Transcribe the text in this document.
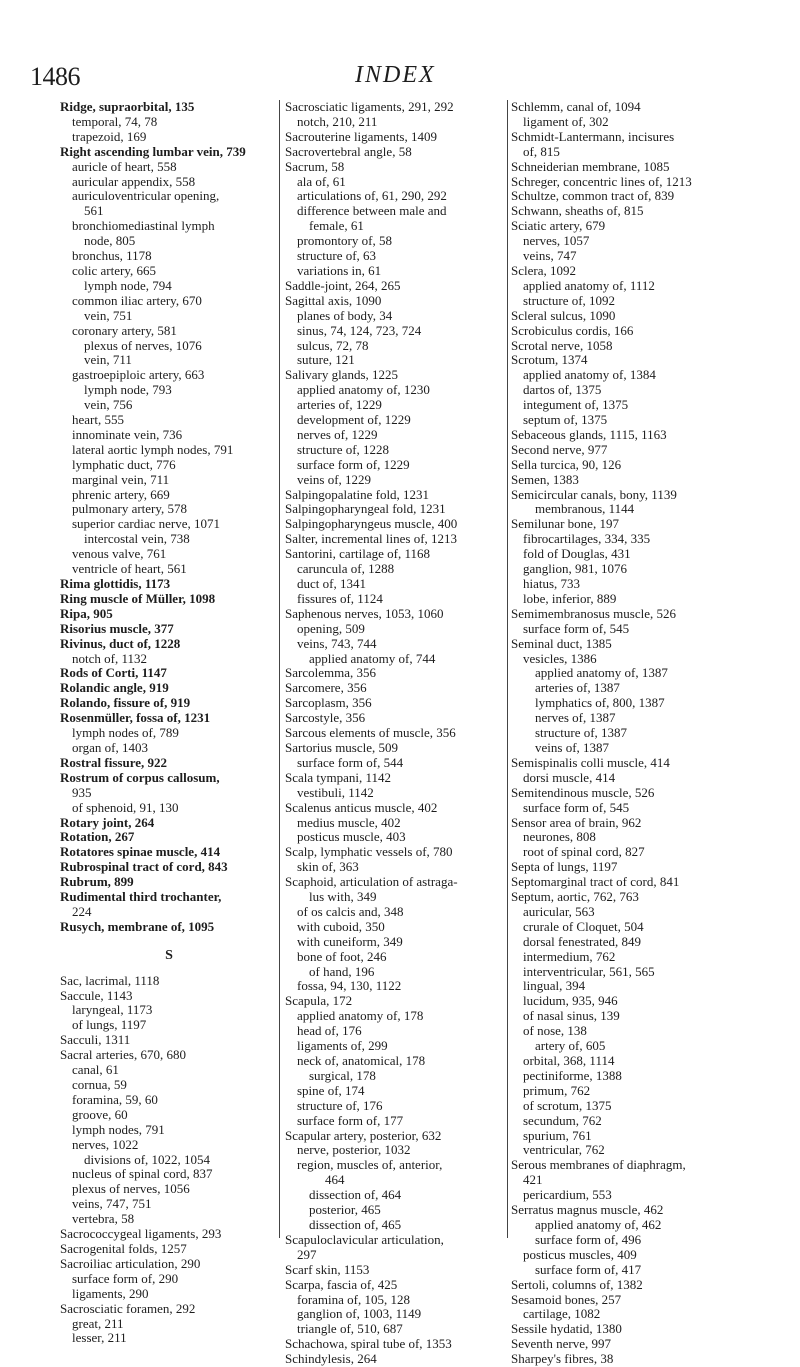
1486	INDEX
Ridge, supraorbital, 135
temporal, 74, 78
trapezoid, 169
Right ascending lumbar vein, 739
auricle of heart, 558
auricular appendix, 558
auriculoventricular opening,
561
bronchiomediastinal lymph
node, 805
bronchus, 1178
colic artery, 665
lymph node, 794
common iliac artery, 670
vein, 751
coronary artery, 581
plexus of nerves, 1076
vein, 711
gastroepiploic artery, 663
lymph node, 793
vein, 756
heart, 555
innominate vein, 736
lateral aortic lymph nodes, 791
lymphatic duct, 776
marginal vein, 711
phrenic artery, 669
pulmonary artery, 578
superior cardiac nerve, 1071
intercostal vein, 738
venous valve, 761
ventricle of heart, 561
Rima glottidis, 1173
Ring muscle of Müller, 1098
Ripa, 905
Risorius muscle, 377
Rivinus, duct of, 1228
notch of, 1132
Rods of Corti, 1147
Rolandic angle, 919
Rolando, fissure of, 919
Rosenmüller, fossa of, 1231
lymph nodes of, 789
organ of, 1403
Rostral fissure, 922
Rostrum of corpus callosum,
935
of sphenoid, 91, 130
Rotary joint, 264
Rotation, 267
Rotatores spinae muscle, 414
Rubrospinal tract of cord, 843
Rubrum, 899
Rudimental third trochanter,
224
Rusych, membrane of, 1095
S
Sac, lacrimal, 1118
Saccule, 1143
laryngeal, 1173
of lungs, 1197
Sacculi, 1311
Sacral arteries, 670, 680
canal, 61
cornua, 59
foramina, 59, 60
groove, 60
lymph nodes, 791
nerves, 1022
divisions of, 1022, 1054
nucleus of spinal cord, 837
plexus of nerves, 1056
veins, 747, 751
vertebra, 58
Sacrococcygeal ligaments, 293
Sacrogenital folds, 1257
Sacroiliac articulation, 290
surface form of, 290
ligaments, 290
Sacrosciatic foramen, 292
great, 211
lesser, 211
Sacrosciatic ligaments, 291, 292
notch, 210, 211
Sacrouterine ligaments, 1409
Sacrovertebral angle, 58
Sacrum, 58
ala of, 61
articulations of, 61, 290, 292
difference between male and
female, 61
promontory of, 58
structure of, 63
variations in, 61
Saddle-joint, 264, 265
Sagittal axis, 1090
planes of body, 34
sinus, 74, 124, 723, 724
sulcus, 72, 78
suture, 121
Salivary glands, 1225
applied anatomy of, 1230
arteries of, 1229
development of, 1229
nerves of, 1229
structure of, 1228
surface form of, 1229
veins of, 1229
Salpingopalatine fold, 1231
Salpingopharyngeal fold, 1231
Salpingopharyngeus muscle, 400
Salter, incremental lines of, 1213
Santorini, cartilage of, 1168
caruncula of, 1288
duct of, 1341
fissures of, 1124
Saphenous nerves, 1053, 1060
opening, 509
veins, 743, 744
applied anatomy of, 744
Sarcolemma, 356
Sarcomere, 356
Sarcoplasm, 356
Sarcostyle, 356
Sarcous elements of muscle, 356
Sartorius muscle, 509
surface form of, 544
Scala tympani, 1142
vestibuli, 1142
Scalenus anticus muscle, 402
medius muscle, 402
posticus muscle, 403
Scalp, lymphatic vessels of, 780
skin of, 363
Scaphoid, articulation of astraga-
lus with, 349
of os calcis and, 348
with cuboid, 350
with cuneiform, 349
bone of foot, 246
of hand, 196
fossa, 94, 130, 1122
Scapula, 172
applied anatomy of, 178
head of, 176
ligaments of, 299
neck of, anatomical, 178
surgical, 178
spine of, 174
structure of, 176
surface form of, 177
Scapular artery, posterior, 632
nerve, posterior, 1032
region, muscles of, anterior,
464
dissection of, 464
posterior, 465
dissection of, 465
Scapuloclavicular articulation,
297
Scarf skin, 1153
Scarpa, fascia of, 425
foramina of, 105, 128
ganglion of, 1003, 1149
triangle of, 510, 687
Schachowa, spiral tube of, 1353
Schindylesis, 264
Schlemm, canal of, 1094
ligament of, 302
Schmidt-Lantermann, incisures
of, 815
Schneiderian membrane, 1085
Schreger, concentric lines of, 1213
Schultze, common tract of, 839
Schwann, sheaths of, 815
Sciatic artery, 679
nerves, 1057
veins, 747
Sclera, 1092
applied anatomy of, 1112
structure of, 1092
Scleral sulcus, 1090
Scrobiculus cordis, 166
Scrotal nerve, 1058
Scrotum, 1374
applied anatomy of, 1384
dartos of, 1375
integument of, 1375
septum of, 1375
Sebaceous glands, 1115, 1163
Second nerve, 977
Sella turcica, 90, 126
Semen, 1383
Semicircular canals, bony, 1139
membranous, 1144
Semilunar bone, 197
fibrocartilages, 334, 335
fold of Douglas, 431
ganglion, 981, 1076
hiatus, 733
lobe, inferior, 889
Semimembranosus muscle, 526
surface form of, 545
Seminal duct, 1385
vesicles, 1386
applied anatomy of, 1387
arteries of, 1387
lymphatics of, 800, 1387
nerves of, 1387
structure of, 1387
veins of, 1387
Semispinalis colli muscle, 414
dorsi muscle, 414
Semitendinous muscle, 526
surface form of, 545
Sensor area of brain, 962
neurones, 808
root of spinal cord, 827
Septa of lungs, 1197
Septomarginal tract of cord, 841
Septum, aortic, 762, 763
auricular, 563
crurale of Cloquet, 504
dorsal fenestrated, 849
intermedium, 762
interventricular, 561, 565
lingual, 394
lucidum, 935, 946
of nasal sinus, 139
of nose, 138
artery of, 605
orbital, 368, 1114
pectiniforme, 1388
primum, 762
of scrotum, 1375
secundum, 762
spurium, 761
ventricular, 762
Serous membranes of diaphragm,
421
pericardium, 553
Serratus magnus muscle, 462
applied anatomy of, 462
surface form of, 496
posticus muscles, 409
surface form of, 417
Sertoli, columns of, 1382
Sesamoid bones, 257
cartilage, 1082
Sessile hydatid, 1380
Seventh nerve, 997
Sharpey's fibres, 38
